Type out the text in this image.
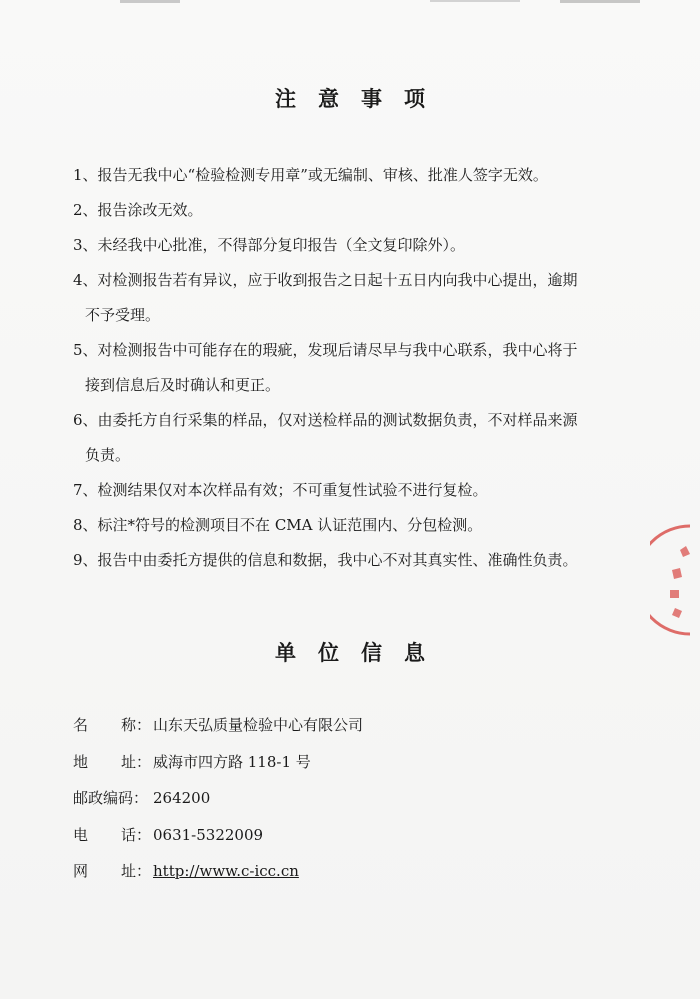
注意事项

1、报告无我中心“检验检测专用章”或无编制、审核、批准人签字无效。

2、报告涂改无效。

3、未经我中心批准，不得部分复印报告（全文复印除外）。

4、对检测报告若有异议，应于收到报告之日起十五日内向我中心提出，逾期
不予受理。

5、对检测报告中可能存在的瑕疵，发现后请尽早与我中心联系，我中心将于
接到信息后及时确认和更正。

6、由委托方自行采集的样品，仅对送检样品的测试数据负责，不对样品来源
负责。

7、检测结果仅对本次样品有效；不可重复性试验不进行复检。

8、标注*符号的检测项目不在 CMA 认证范围内、分包检测。

9、报告中由委托方提供的信息和数据，我中心不对其真实性、准确性负责。

单位信息
名 称： 山东天弘质量检验中心有限公司
地 址： 威海市四方路 118-1 号
邮政编码： 264200
电 话： 0631-5322009
网 址： http://www.c-icc.cn
